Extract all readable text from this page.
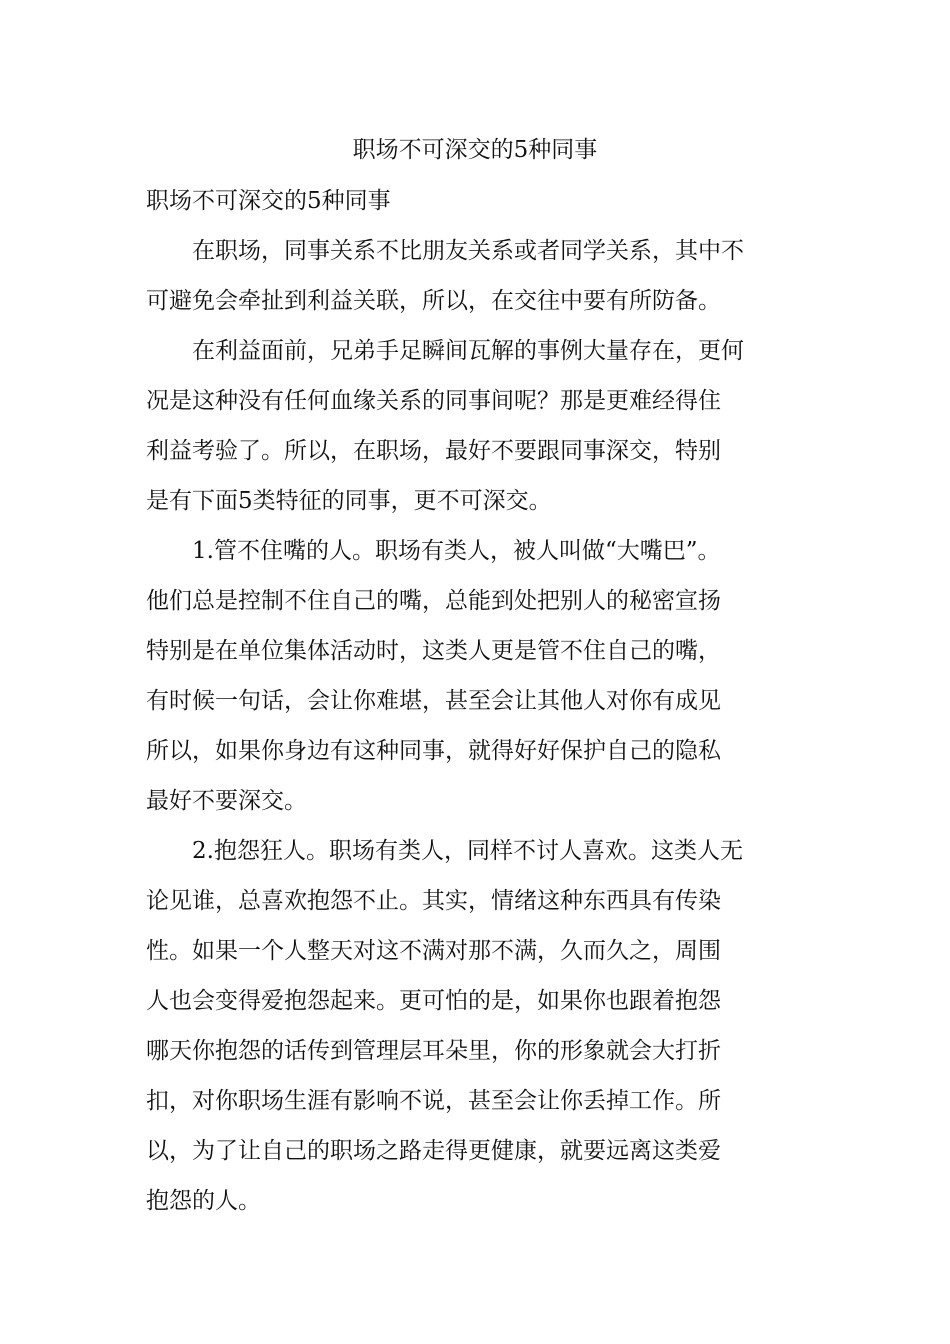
职场不可深交的5种同事

职场不可深交的5种同事

　　在职场，同事关系不比朋友关系或者同学关系，其中不

可避免会牵扯到利益关联，所以，在交往中要有所防备。

　　在利益面前，兄弟手足瞬间瓦解的事例大量存在，更何

况是这种没有任何血缘关系的同事间呢？那是更难经得住

利益考验了。所以，在职场，最好不要跟同事深交，特别

是有下面5类特征的同事，更不可深交。

　　1.管不住嘴的人。职场有类人，被人叫做“大嘴巴”。

他们总是控制不住自己的嘴，总能到处把别人的秘密宣扬

特别是在单位集体活动时，这类人更是管不住自己的嘴，

有时候一句话，会让你难堪，甚至会让其他人对你有成见

所以，如果你身边有这种同事，就得好好保护自己的隐私

最好不要深交。

　　2.抱怨狂人。职场有类人，同样不讨人喜欢。这类人无

论见谁，总喜欢抱怨不止。其实，情绪这种东西具有传染

性。如果一个人整天对这不满对那不满，久而久之，周围

人也会变得爱抱怨起来。更可怕的是，如果你也跟着抱怨

哪天你抱怨的话传到管理层耳朵里，你的形象就会大打折

扣，对你职场生涯有影响不说，甚至会让你丢掉工作。所

以，为了让自己的职场之路走得更健康，就要远离这类爱

抱怨的人。
